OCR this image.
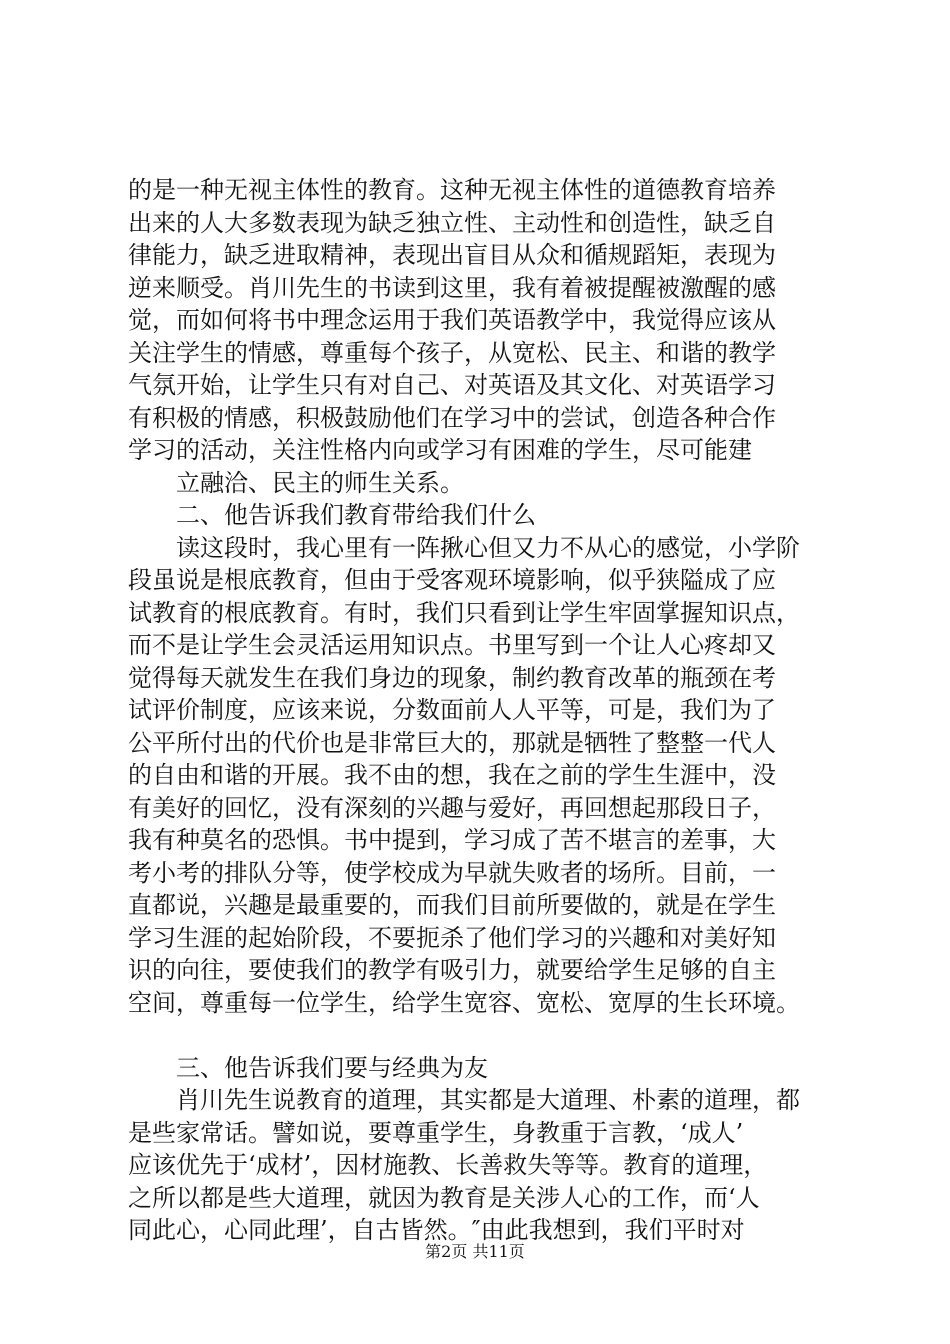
的是一种无视主体性的教育。这种无视主体性的道德教育培养
出来的人大多数表现为缺乏独立性、主动性和创造性，缺乏自
律能力，缺乏进取精神，表现出盲目从众和循规蹈矩，表现为
逆来顺受。肖川先生的书读到这里，我有着被提醒被激醒的感
觉，而如何将书中理念运用于我们英语教学中，我觉得应该从
关注学生的情感，尊重每个孩子，从宽松、民主、和谐的教学
气氛开始，让学生只有对自己、对英语及其文化、对英语学习
有积极的情感，积极鼓励他们在学习中的尝试，创造各种合作
学习的活动，关注性格内向或学习有困难的学生，尽可能建
立融洽、民主的师生关系。
二、他告诉我们教育带给我们什么
读这段时，我心里有一阵揪心但又力不从心的感觉，小学阶
段虽说是根底教育，但由于受客观环境影响，似乎狭隘成了应
试教育的根底教育。有时，我们只看到让学生牢固掌握知识点，
而不是让学生会灵活运用知识点。书里写到一个让人心疼却又
觉得每天就发生在我们身边的现象，制约教育改革的瓶颈在考
试评价制度，应该来说，分数面前人人平等，可是，我们为了
公平所付出的代价也是非常巨大的，那就是牺牲了整整一代人
的自由和谐的开展。我不由的想，我在之前的学生生涯中，没
有美好的回忆，没有深刻的兴趣与爱好，再回想起那段日子，
我有种莫名的恐惧。书中提到，学习成了苦不堪言的差事，大
考小考的排队分等，使学校成为早就失败者的场所。目前，一
直都说，兴趣是最重要的，而我们目前所要做的，就是在学生
学习生涯的起始阶段，不要扼杀了他们学习的兴趣和对美好知
识的向往，要使我们的教学有吸引力，就要给学生足够的自主
空间，尊重每一位学生，给学生宽容、宽松、宽厚的生长环境。
三、他告诉我们要与经典为友
肖川先生说教育的道理，其实都是大道理、朴素的道理，都
是些家常话。譬如说，要尊重学生，身教重于言教，‘成人’
应该优先于‘成材’，因材施教、长善救失等等。教育的道理，
之所以都是些大道理，就因为教育是关涉人心的工作，而‘人
同此心，心同此理’，自古皆然。″由此我想到，我们平时对
第2页 共11页
